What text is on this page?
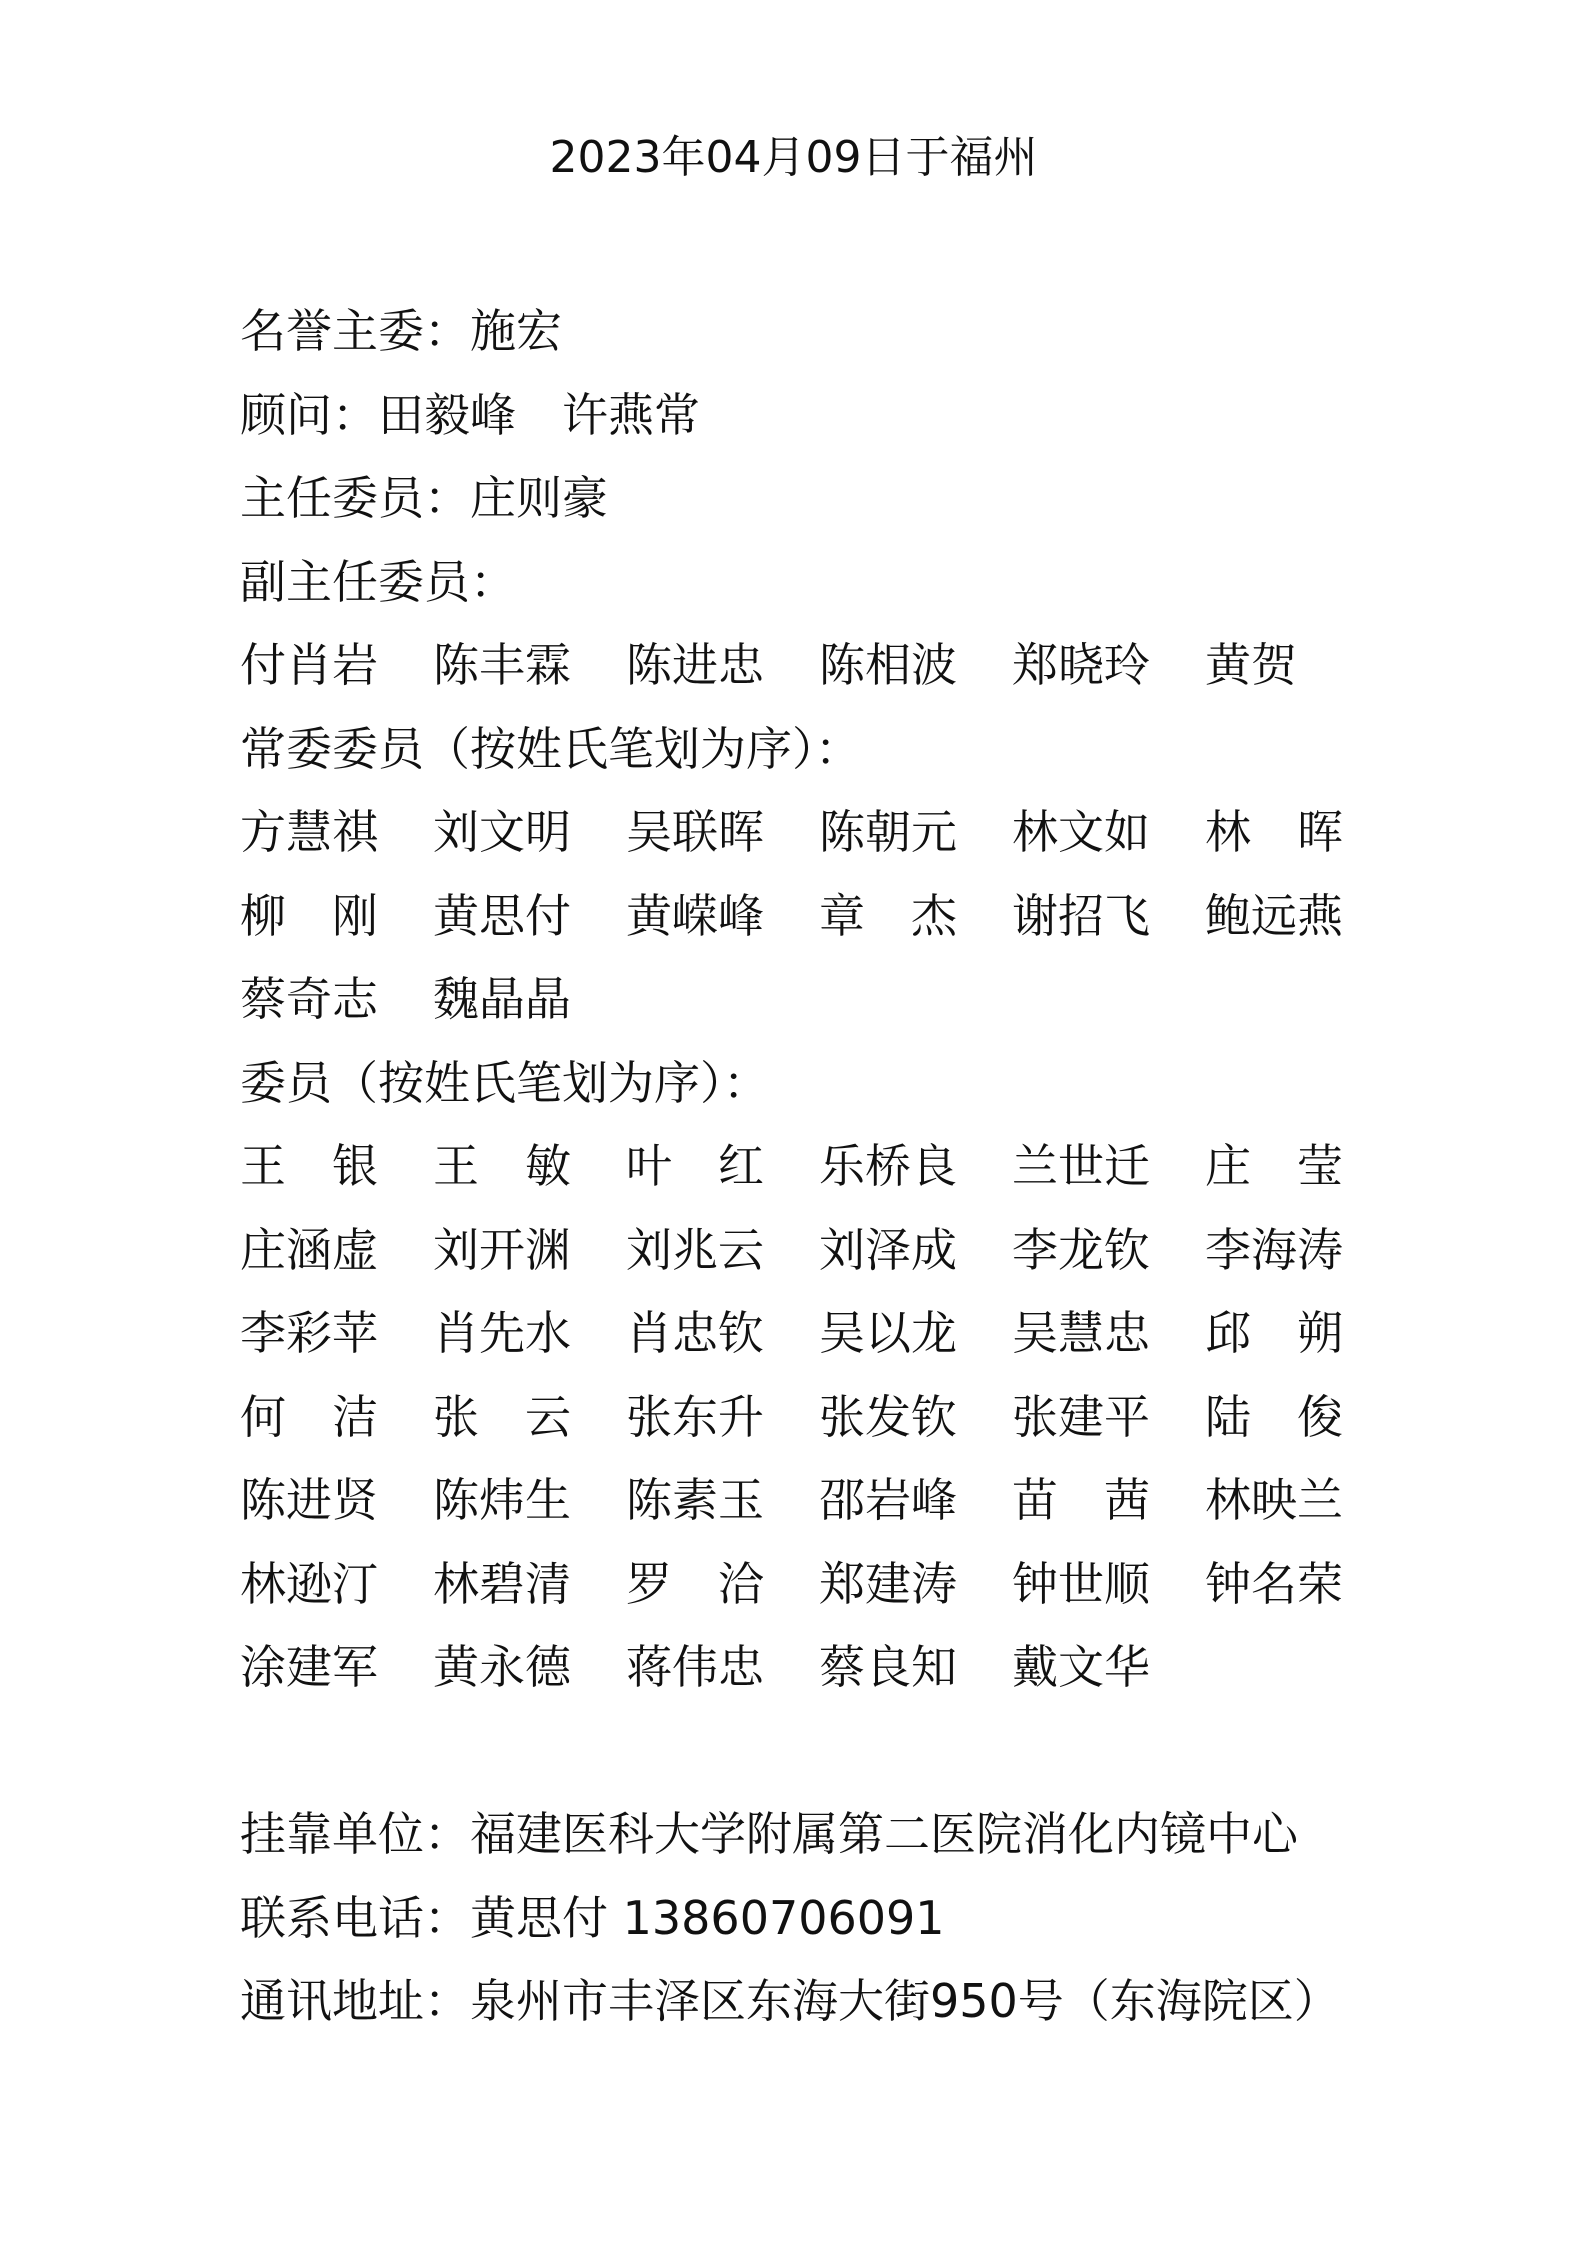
2023年04月09日于福州
名誉主委：施宏
顾问：田毅峰 许燕常
主任委员：庄则豪
副主任委员：
付肖岩	陈丰霖	陈进忠	陈相波	郑晓玲	黄贺
常委委员（按姓氏笔划为序）：
方慧祺	刘文明	吴联晖	陈朝元	林文如	林　晖
柳　刚	黄思付	黄嵘峰	章　杰	谢招飞	鲍远燕
蔡奇志	魏晶晶
委员（按姓氏笔划为序）：
王　银	王　敏	叶　红	乐桥良	兰世迁	庄　莹
庄涵虚	刘开渊	刘兆云	刘泽成	李龙钦	李海涛
李彩苹	肖先水	肖忠钦	吴以龙	吴慧忠	邱　朔
何　洁	张　云	张东升	张发钦	张建平	陆　俊
陈进贤	陈炜生	陈素玉	邵岩峰	苗　茜	林映兰
林逊汀	林碧清	罗　洽	郑建涛	钟世顺	钟名荣
涂建军	黄永德	蒋伟忠	蔡良知	戴文华
挂靠单位：福建医科大学附属第二医院消化内镜中心
联系电话：黄思付 13860706091
通讯地址：泉州市丰泽区东海大街950号（东海院区）
